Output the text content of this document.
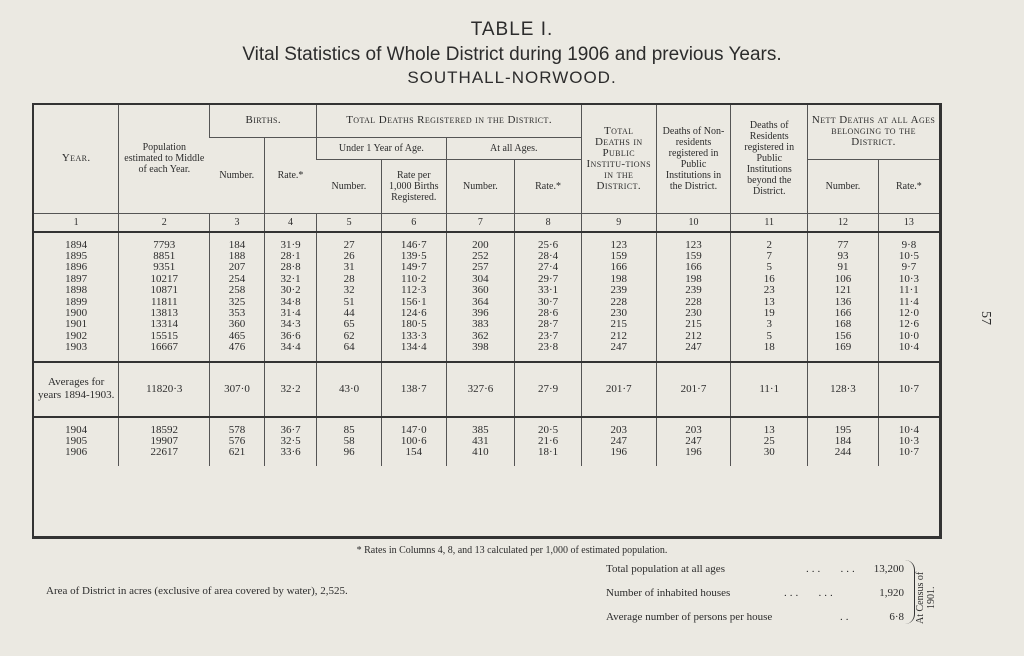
TABLE I.
Vital Statistics of Whole District during 1906 and previous Years.
SOUTHALL-NORWOOD.
Year.	Population estimated to Middle of each Year.	Births.		Total Deaths Registered in the District.				Total Deaths in Public Institu-tions in the District.	Deaths of Non-residents registered in Public Institutions in the District.	Deaths of Residents registered in Public Institutions beyond the District.	Nett Deaths at all Ages belonging to the District.	
		Number.	Rate.*	Under 1 Year of Age.		At all Ages.						
				Number.	Rate per 1,000 Births Registered.	Number.	Rate.*				Number.	Rate.*
1	2	3	4	5	6	7	8	9	10	11	12	13

1894	7793	184	31·9	27	146·7	200	25·6	123	123	2	77	9·8
1895	8851	188	28·1	26	139·5	252	28·4	159	159	7	93	10·5
1896	9351	207	28·8	31	149·7	257	27·4	166	166	5	91	9·7
1897	10217	254	32·1	28	110·2	304	29·7	198	198	16	106	10·3
1898	10871	258	30·2	32	112·3	360	33·1	239	239	23	121	11·1
1899	11811	325	34·8	51	156·1	364	30·7	228	228	13	136	11·4
1900	13813	353	31·4	44	124·6	396	28·6	230	230	19	166	12·0
1901	13314	360	34·3	65	180·5	383	28·7	215	215	3	168	12·6
1902	15515	465	36·6	62	133·3	362	23·7	212	212	5	156	10·0
1903	16667	476	34·4	64	134·4	398	23·8	247	247	18	169	10·4

Averages for years 1894-1903.	11820·3	307·0	32·2	43·0	138·7	327·6	27·9	201·7	201·7	11·1	128·3	10·7

1904	18592	578	36·7	85	147·0	385	20·5	203	203	13	195	10·4
1905	19907	576	32·5	58	100·6	431	21·6	247	247	25	184	10·3
1906	22617	621	33·6	96	154	410	18·1	196	196	30	244	10·7

* Rates in Columns 4, 8, and 13 calculated per 1,000 of estimated population.
Area of District in acres (exclusive of area covered by water), 2,525.
Total population at all ages	...   ...	13,200
Number of inhabited houses	...   ...	1,920
Average number of persons per house	..	6·8 At Census of 1901.
57
